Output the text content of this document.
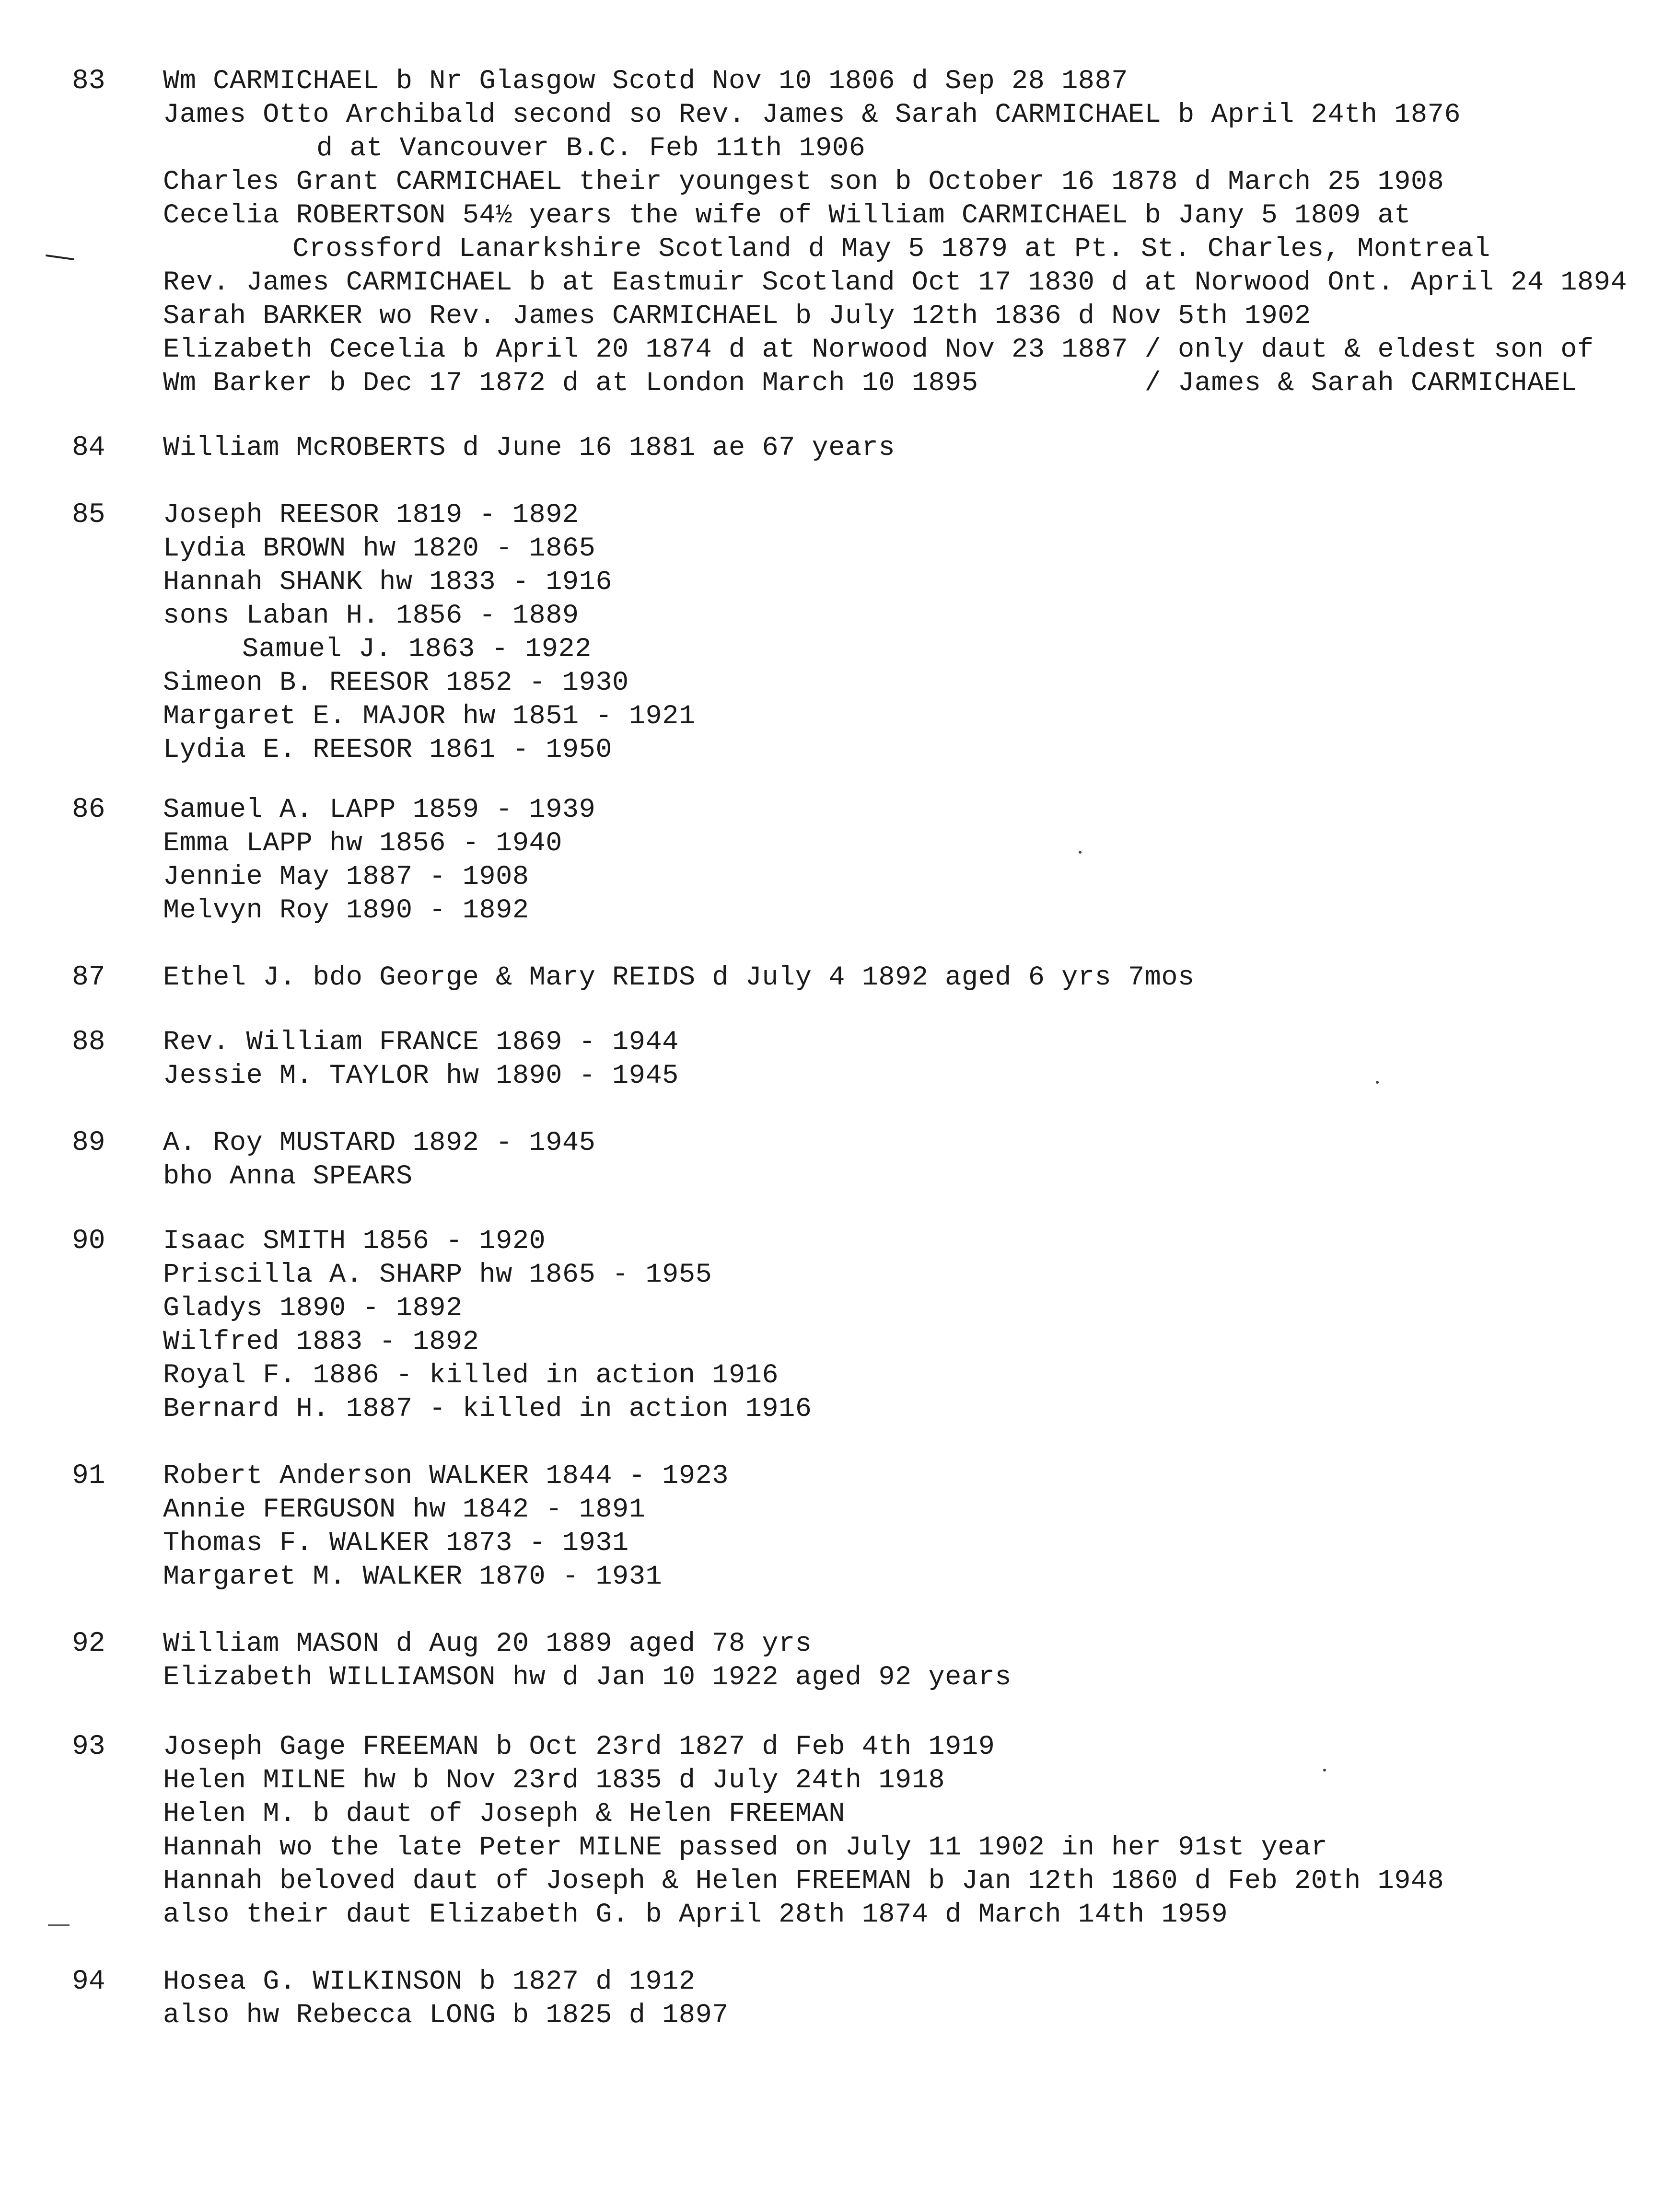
83	Wm CARMICHAEL b Nr Glasgow Scotd Nov 10 1806 d Sep 28 1887
James Otto Archibald second so Rev. James & Sarah CARMICHAEL b April 24th 1876
d at Vancouver B.C. Feb 11th 1906
Charles Grant CARMICHAEL their youngest son b October 16 1878 d March 25 1908
Cecelia ROBERTSON 54½ years the wife of William CARMICHAEL b Jany 5 1809 at
Crossford Lanarkshire Scotland d May 5 1879 at Pt. St. Charles, Montreal
Rev. James CARMICHAEL b at Eastmuir Scotland Oct 17 1830 d at Norwood Ont. April 24 1894
Sarah BARKER wo Rev. James CARMICHAEL b July 12th 1836 d Nov 5th 1902
Elizabeth Cecelia b April 20 1874 d at Norwood Nov 23 1887 / only daut & eldest son of
Wm Barker b Dec 17 1872 d at London March 10 1895          / James & Sarah CARMICHAEL
84	William McROBERTS d June 16 1881 ae 67 years
85	Joseph REESOR 1819 - 1892
Lydia BROWN hw 1820 - 1865
Hannah SHANK hw 1833 - 1916
sons Laban H. 1856 - 1889
Samuel J. 1863 - 1922
Simeon B. REESOR 1852 - 1930
Margaret E. MAJOR hw 1851 - 1921
Lydia E. REESOR 1861 - 1950
86	Samuel A. LAPP 1859 - 1939
Emma LAPP hw 1856 - 1940
Jennie May 1887 - 1908
Melvyn Roy 1890 - 1892
87	Ethel J. bdo George & Mary REIDS d July 4 1892 aged 6 yrs 7mos
88	Rev. William FRANCE 1869 - 1944
Jessie M. TAYLOR hw 1890 - 1945
89	A. Roy MUSTARD 1892 - 1945
bho Anna SPEARS
90	Isaac SMITH 1856 - 1920
Priscilla A. SHARP hw 1865 - 1955
Gladys 1890 - 1892
Wilfred 1883 - 1892
Royal F. 1886 - killed in action 1916
Bernard H. 1887 - killed in action 1916
91	Robert Anderson WALKER 1844 - 1923
Annie FERGUSON hw 1842 - 1891
Thomas F. WALKER 1873 - 1931
Margaret M. WALKER 1870 - 1931
92	William MASON d Aug 20 1889 aged 78 yrs
Elizabeth WILLIAMSON hw d Jan 10 1922 aged 92 years
93	Joseph Gage FREEMAN b Oct 23rd 1827 d Feb 4th 1919
Helen MILNE hw b Nov 23rd 1835 d July 24th 1918
Helen M. b daut of Joseph & Helen FREEMAN
Hannah wo the late Peter MILNE passed on July 11 1902 in her 91st year
Hannah beloved daut of Joseph & Helen FREEMAN b Jan 12th 1860 d Feb 20th 1948
also their daut Elizabeth G. b April 28th 1874 d March 14th 1959
94	Hosea G. WILKINSON b 1827 d 1912
also hw Rebecca LONG b 1825 d 1897
